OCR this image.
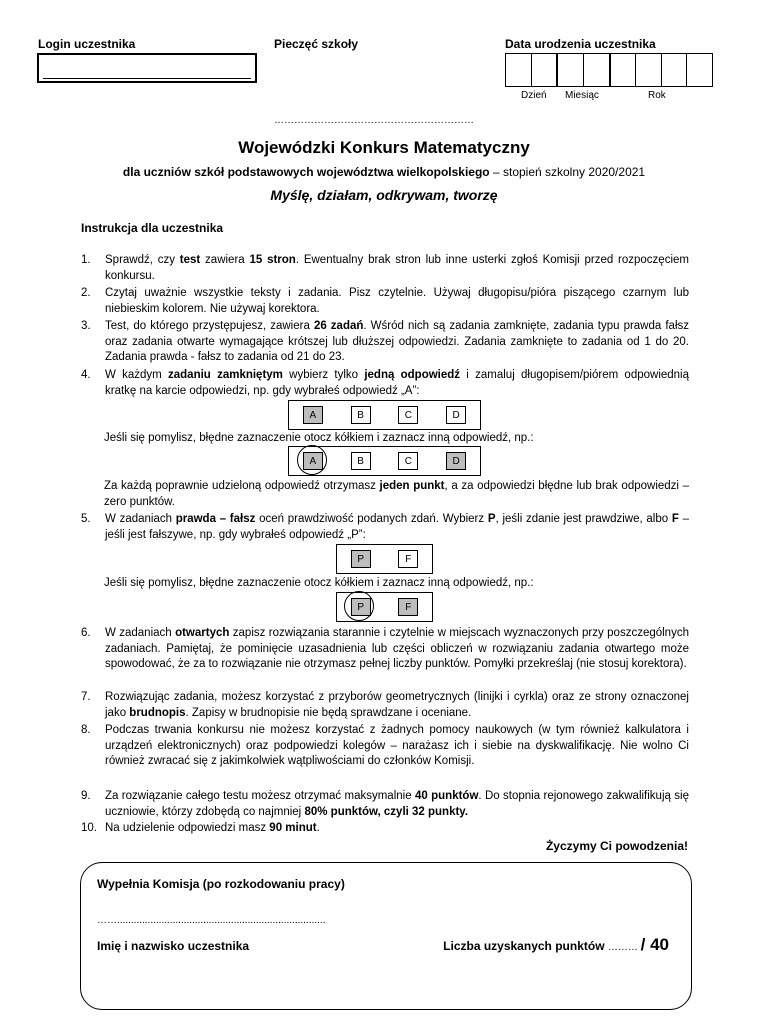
Login uczestnika	Pieczęć szkoły
……………………………………………………
Data urodzenia uczestnika
Dzień Miesiąc	Rok
Wojewódzki Konkurs Matematyczny
dla uczniów szkół podstawowych województwa wielkopolskiego – stopień szkolny 2020/2021
Myślę, działam, odkrywam, tworzę
Instrukcja dla uczestnika
1. Sprawdź, czy test zawiera 15 stron. Ewentualny brak stron lub inne usterki zgłoś Komisji przed rozpoczęciem konkursu.
2. Czytaj uważnie wszystkie teksty i zadania. Pisz czytelnie. Używaj długopisu/pióra piszącego czarnym lub niebieskim kolorem. Nie używaj korektora.
3. Test, do którego przystępujesz, zawiera 26 zadań. Wśród nich są zadania zamknięte, zadania typu prawda fałsz oraz zadania otwarte wymagające krótszej lub dłuższej odpowiedzi. Zadania zamknięte to zadania od 1 do 20. Zadania prawda - fałsz to zadania od 21 do 23.
4. W każdym zadaniu zamkniętym wybierz tylko jedną odpowiedź i zamaluj długopisem/piórem odpowiednią kratkę na karcie odpowiedzi, np. gdy wybrałeś odpowiedź „A”:
A	B	C	D
Jeśli się pomylisz, błędne zaznaczenie otocz kółkiem i zaznacz inną odpowiedź, np.:
A	B	C	D
Za każdą poprawnie udzieloną odpowiedź otrzymasz jeden punkt, a za odpowiedzi błędne lub brak odpowiedzi – zero punktów.
5. W zadaniach prawda – fałsz oceń prawdziwość podanych zdań. Wybierz P, jeśli zdanie jest prawdziwe, albo F – jeśli jest fałszywe, np. gdy wybrałeś odpowiedź „P”:
P	F
Jeśli się pomylisz, błędne zaznaczenie otocz kółkiem i zaznacz inną odpowiedź, np.:
P	F
6. W zadaniach otwartych zapisz rozwiązania starannie i czytelnie w miejscach wyznaczonych przy poszczególnych zadaniach. Pamiętaj, że pominięcie uzasadnienia lub części obliczeń w rozwiązaniu zadania otwartego może spowodować, że za to rozwiązanie nie otrzymasz pełnej liczby punktów. Pomyłki przekreślaj (nie stosuj korektora).
7. Rozwiązując zadania, możesz korzystać z przyborów geometrycznych (linijki i cyrkla) oraz ze strony oznaczonej jako brudnopis. Zapisy w brudnopisie nie będą sprawdzane i oceniane.
8. Podczas trwania konkursu nie możesz korzystać z żadnych pomocy naukowych (w tym również kalkulatora i urządzeń elektronicznych) oraz podpowiedzi kolegów – narażasz ich i siebie na dyskwalifikację. Nie wolno Ci również zwracać się z jakimkolwiek wątpliwościami do członków Komisji.
9. Za rozwiązanie całego testu możesz otrzymać maksymalnie 40 punktów. Do stopnia rejonowego zakwalifikują się uczniowie, którzy zdobędą co najmniej 80% punktów, czyli 32 punkty.
10. Na udzielenie odpowiedzi masz 90 minut.
Życzymy Ci powodzenia!
Wypełnia Komisja (po rozkodowaniu pracy)
……...........................................................................
Imię i nazwisko uczestnika	Liczba uzyskanych punktów ……… / 40
